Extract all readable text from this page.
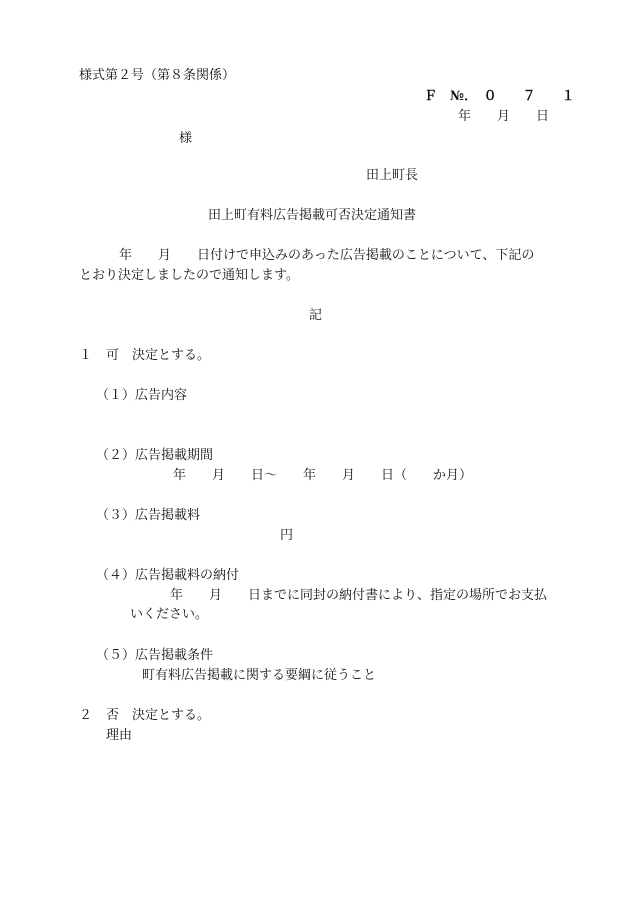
様式第２号（第８条関係）
Ｆ　№．　０　　７　　１
年　　月　　日
様
田上町長
田上町有料広告掲載可否決定通知書
年　　月　　日付けで申込みのあった広告掲載のことについて、下記の
とおり決定しましたので通知します。
記
１ 可　決定とする。
（１）広告内容
（２）広告掲載期間
年　　月　　日～　　年　　月　　日（　　か月）
（３）広告掲載料
円
（４）広告掲載料の納付
年　　月　　日までに同封の納付書により、指定の場所でお支払
いください。
（５）広告掲載条件
町有料広告掲載に関する要綱に従うこと
２ 否　決定とする。
理由
